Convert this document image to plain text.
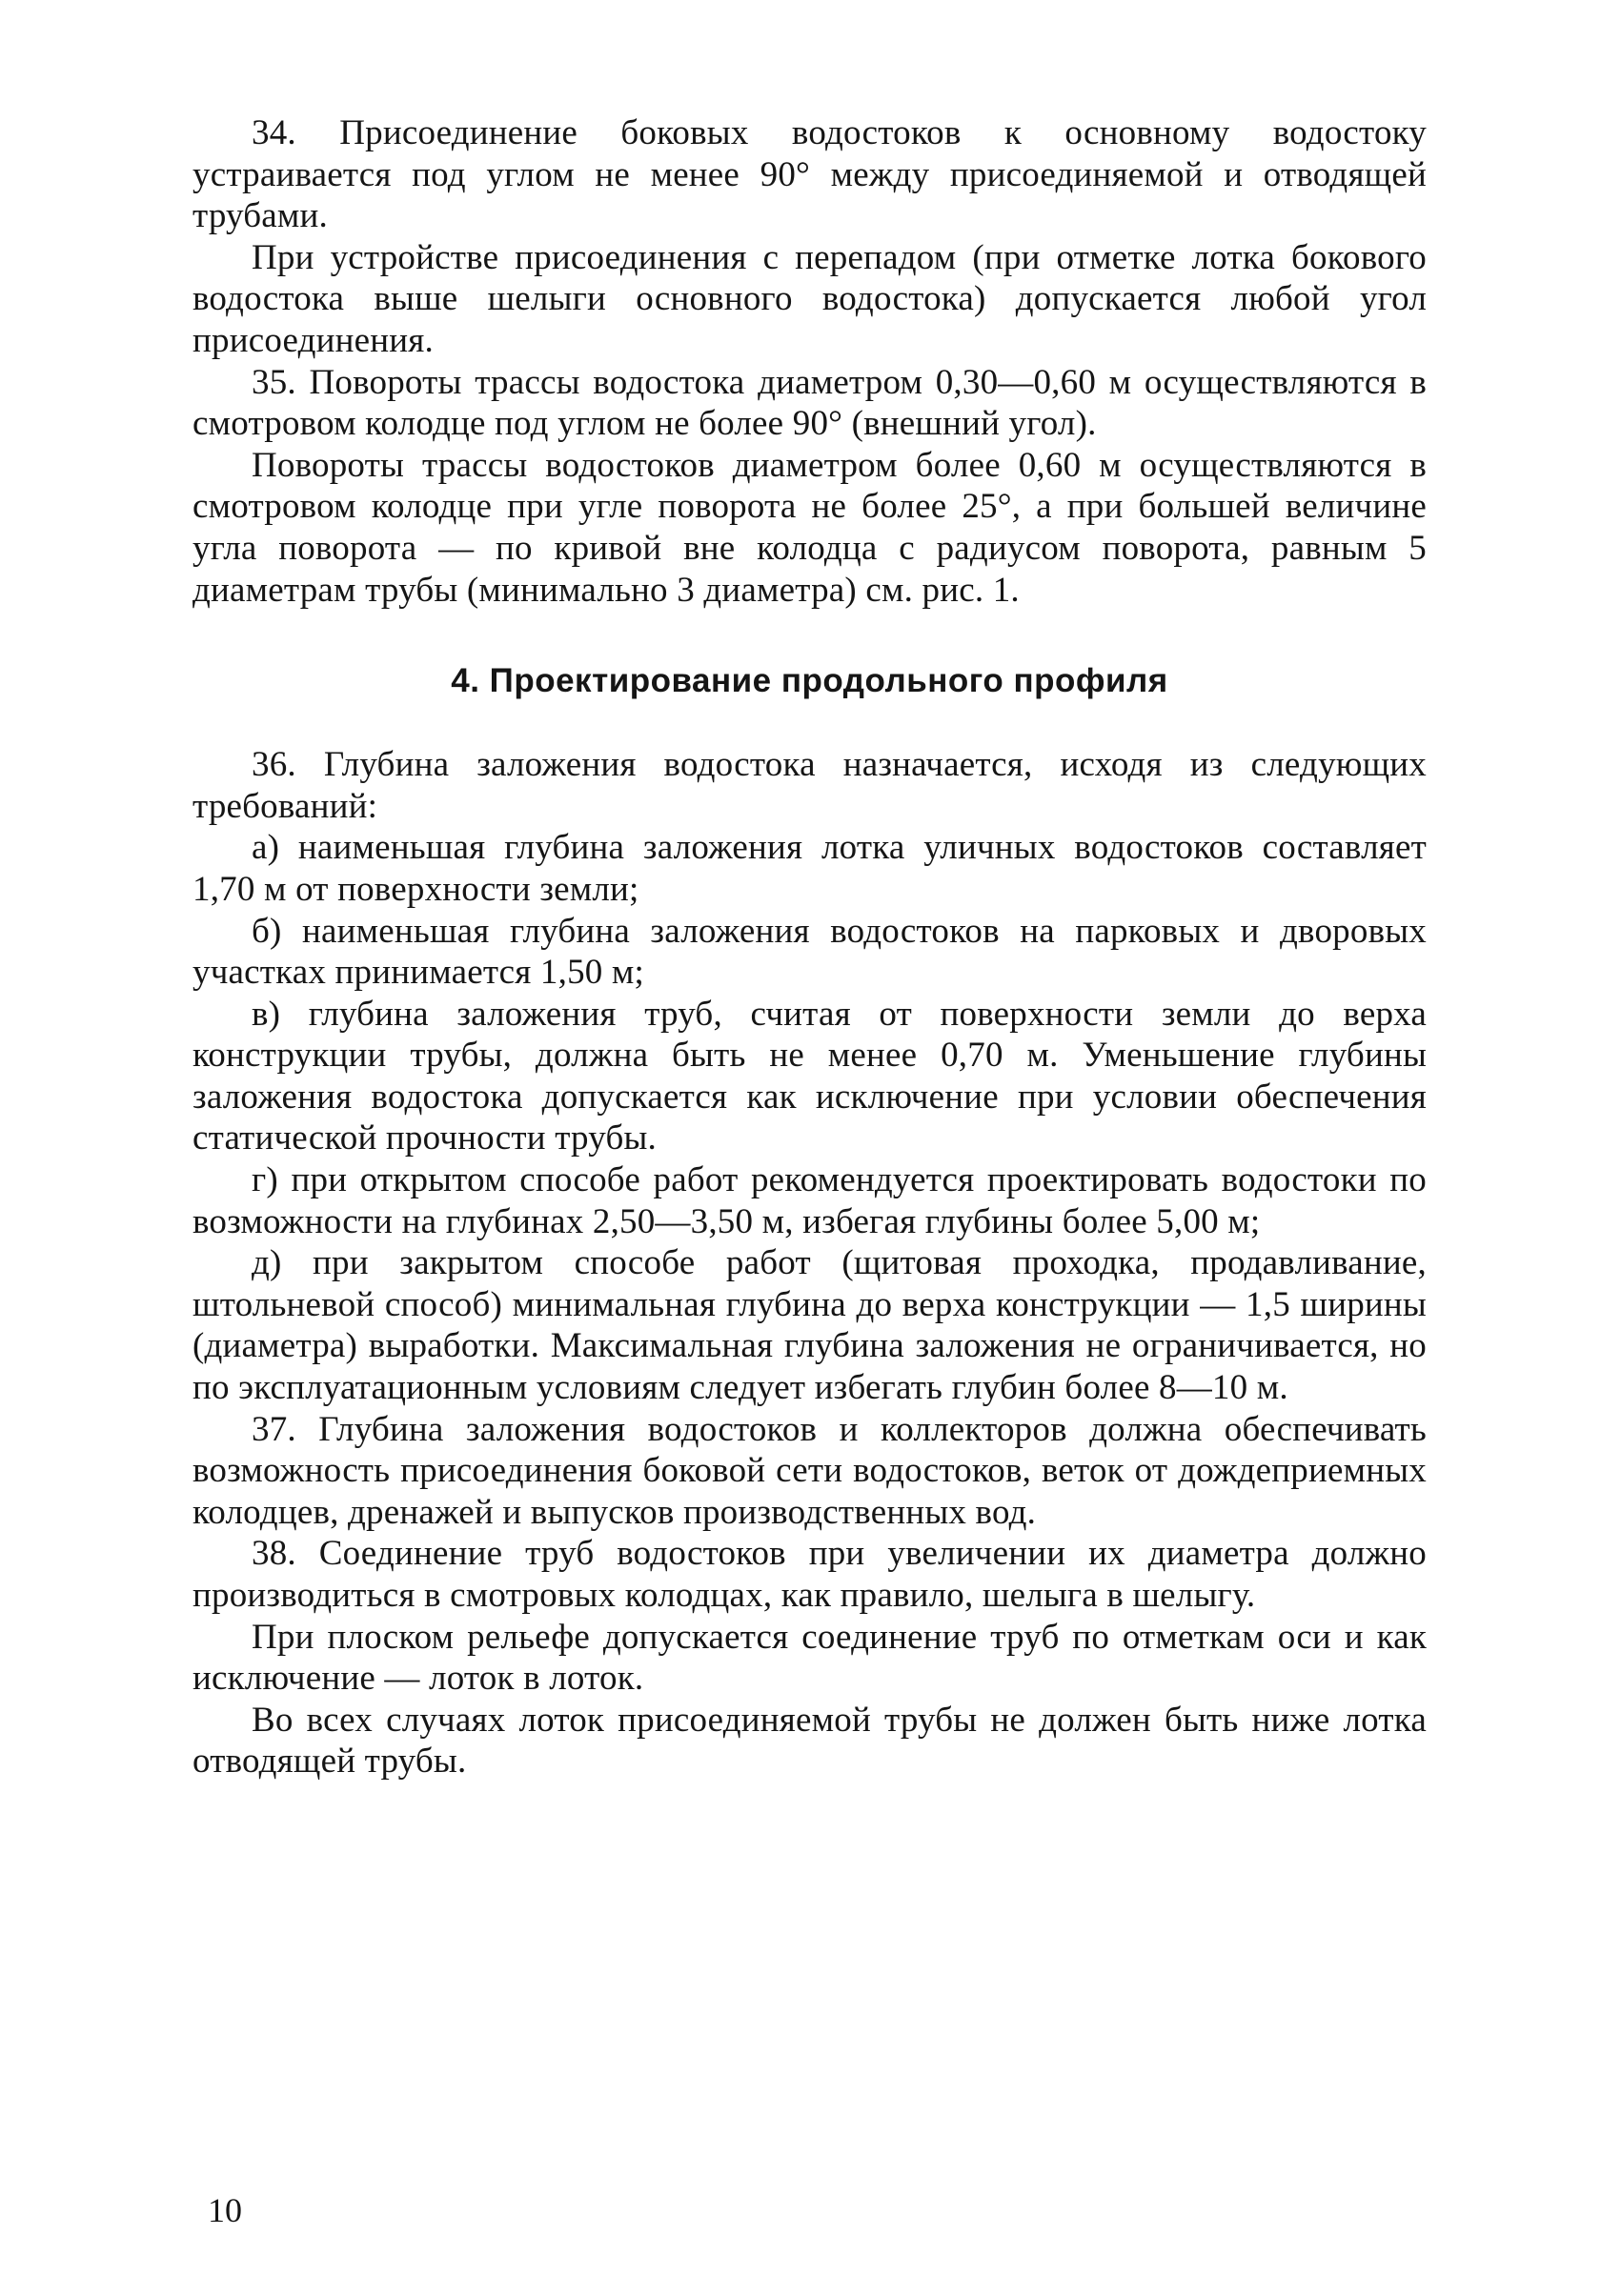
34. Присоединение боковых водостоков к основному водостоку устраивается под углом не менее 90° между присоединяемой и отводящей трубами.

При устройстве присоединения с перепадом (при отметке лотка бокового водостока выше шелыги основного водостока) допускается любой угол присоединения.

35. Повороты трассы водостока диаметром 0,30—0,60 м осуществляются в смотровом колодце под углом не более 90° (внешний угол).

Повороты трассы водостоков диаметром более 0,60 м осуществляются в смотровом колодце при угле поворота не более 25°, а при большей величине угла поворота — по кривой вне колодца с радиусом поворота, равным 5 диаметрам трубы (минимально 3 диаметра) см. рис. 1.

4. Проектирование продольного профиля

36. Глубина заложения водостока назначается, исходя из следующих требований:

а) наименьшая глубина заложения лотка уличных водостоков составляет 1,70 м от поверхности земли;

б) наименьшая глубина заложения водостоков на парковых и дворовых участках принимается 1,50 м;

в) глубина заложения труб, считая от поверхности земли до верха конструкции трубы, должна быть не менее 0,70 м. Уменьшение глубины заложения водостока допускается как исключение при условии обеспечения статической прочности трубы.

г) при открытом способе работ рекомендуется проектировать водостоки по возможности на глубинах 2,50—3,50 м, избегая глубины более 5,00 м;

д) при закрытом способе работ (щитовая проходка, продавливание, штольневой способ) минимальная глубина до верха конструкции — 1,5 ширины (диаметра) выработки. Максимальная глубина заложения не ограничивается, но по эксплуатационным условиям следует избегать глубин более 8—10 м.

37. Глубина заложения водостоков и коллекторов должна обеспечивать возможность присоединения боковой сети водостоков, веток от дождеприемных колодцев, дренажей и выпусков производственных вод.

38. Соединение труб водостоков при увеличении их диаметра должно производиться в смотровых колодцах, как правило, шелыга в шелыгу.

При плоском рельефе допускается соединение труб по отметкам оси и как исключение — лоток в лоток.

Во всех случаях лоток присоединяемой трубы не должен быть ниже лотка отводящей трубы.

10
